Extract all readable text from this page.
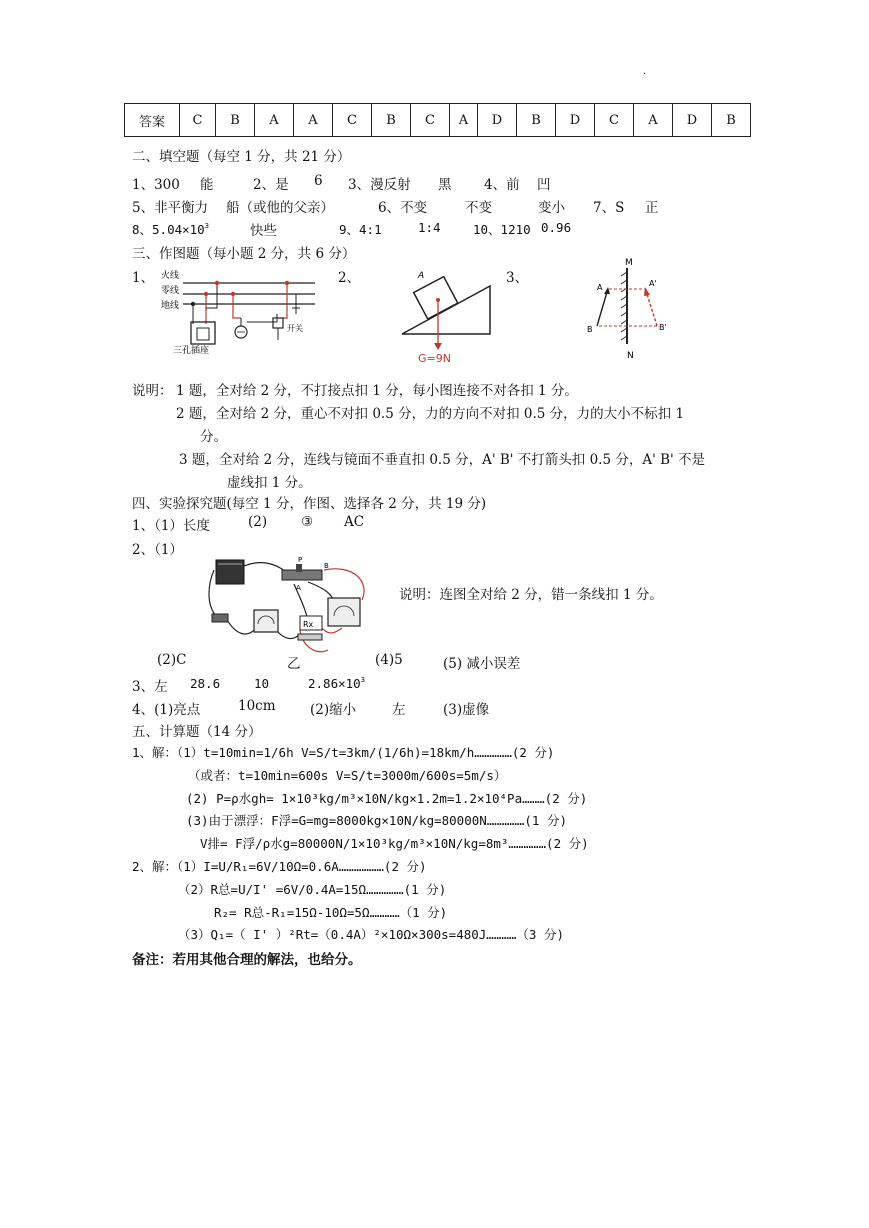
.
答案	C	B	A	A	C	B	C	A	D	B	D	C	A	D	B
二、填空题（每空 1 分，共 21 分）
1、300 能	2、是 6 3、漫反射 黑 4、前 凹
5、非平衡力 船（或他的父亲）	6、不变	不变	变小 7、S 正
8、$5.04\times 10^3$	快些	9、4:1	1:4	10、1210 0.96
三、作图题（每小题 2 分，共 6 分）
1、	2、	3、
火线
零线
地线
开关
三孔插座
A
G=9N
M
N
A
B
A'
B'
说明： 1 题，全对给 2 分，不打接点扣 1 分，每小图连接不对各扣 1 分。
2 题，全对给 2 分，重心不对扣 0.5 分，力的方向不对扣 0.5 分，力的大小不标扣 1
分。
3 题，全对给 2 分，连线与镜面不垂直扣 0.5 分，A' B' 不打箭头扣 0.5 分，A' B' 不是
虚线扣 1 分。
四、实验探究题(每空 1 分，作图、选择各 2 分，共 19 分)
1、（1）长度	(2)	③ AC
2、（1）
P
A
B
Rx
说明：连图全对给 2 分，错一条线扣 1 分。
(2)C	乙	(4)5	(5) 减小误差
3、左 28.6	10	$2.86\times 10^3$
4、(1)亮点	10cm	(2)缩小	左	(3)虚像
五、计算题（14 分）
1、解：（1）t=10min=1/6h V=S/t=3km/(1/6h)=18km/h……………(2 分)
（或者：t=10min=600s V=S/t=3000m/600s=5m/s）
(2) P=ρ水gh= 1×10³kg/m³×10N/kg×1.2m=1.2×10⁴Pa………(2 分)
(3)由于漂浮：F浮=G=mg=8000kg×10N/kg=80000N……………(1 分)
V排= F浮/ρ水g=80000N/1×10³kg/m³×10N/kg=8m³……………(2 分)
2、解：（1）I=U/R₁=6V/10Ω=0.6A………………(2 分)
（2）R总=U/I' =6V/0.4A=15Ω……………(1 分)
R₂= R总-R₁=15Ω-10Ω=5Ω…………（1 分)
（3）Q₁=（ I' ）²Rt=（0.4A）²×10Ω×300s=480J…………（3 分)
备注：若用其他合理的解法，也给分。
